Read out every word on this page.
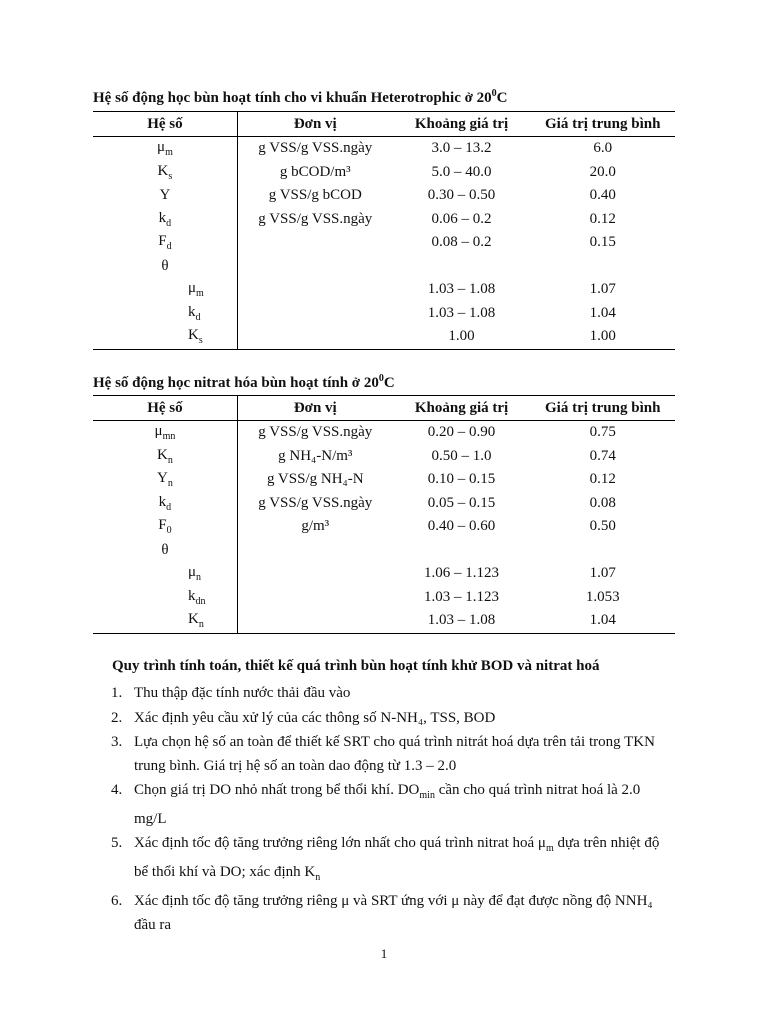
Hệ số động học bùn hoạt tính cho vi khuẩn Heterotrophic ở $20^0C$
Hệ số	Đơn vị	Khoảng giá trị	Giá trị trung bình
$\mu_m$	g VSS/g VSS.ngày	3.0 – 13.2	6.0
$K_s$	g bCOD/m³	5.0 – 40.0	20.0
Y	g VSS/g bCOD	0.30 – 0.50	0.40
$k_d$	g VSS/g VSS.ngày	0.06 – 0.2	0.12
$F_d$		0.08 – 0.2	0.15
θ			
$\mu_m$		1.03 – 1.08	1.07
$k_d$		1.03 – 1.08	1.04
$K_s$		1.00	1.00
Hệ số động học nitrat hóa bùn hoạt tính ở $20^0C$
Hệ số	Đơn vị	Khoảng giá trị	Giá trị trung bình
$\mu_{mn}$	g VSS/g VSS.ngày	0.20 – 0.90	0.75
$K_n$	g NH₄-N/m³	0.50 – 1.0	0.74
$Y_n$	g VSS/g NH₄-N	0.10 – 0.15	0.12
$k_d$	g VSS/g VSS.ngày	0.05 – 0.15	0.08
$F_0$	g/m³	0.40 – 0.60	0.50
θ			
$\mu_n$		1.06 – 1.123	1.07
$k_{dn}$		1.03 – 1.123	1.053
$K_n$		1.03 – 1.08	1.04
Quy trình tính toán, thiết kế quá trình bùn hoạt tính khử BOD và nitrat hoá
1. Thu thập đặc tính nước thải đầu vào
2. Xác định yêu cầu xử lý của các thông số N-NH₄, TSS, BOD
3. Lựa chọn hệ số an toàn để thiết kế SRT cho quá trình nitrát hoá dựa trên tải trong TKN trung bình. Giá trị hệ số an toàn dao động từ 1.3 – 2.0
4. Chọn giá trị DO nhỏ nhất trong bể thổi khí. $DO_{min}$ cần cho quá trình nitrat hoá là 2.0 mg/L
5. Xác định tốc độ tăng trưởng riêng lớn nhất cho quá trình nitrat hoá $\mu_m$ dựa trên nhiệt độ bể thổi khí và DO; xác định $K_n$
6. Xác định tốc độ tăng trưởng riêng μ và SRT ứng với μ này để đạt được nồng độ NNH₄ đầu ra
1
